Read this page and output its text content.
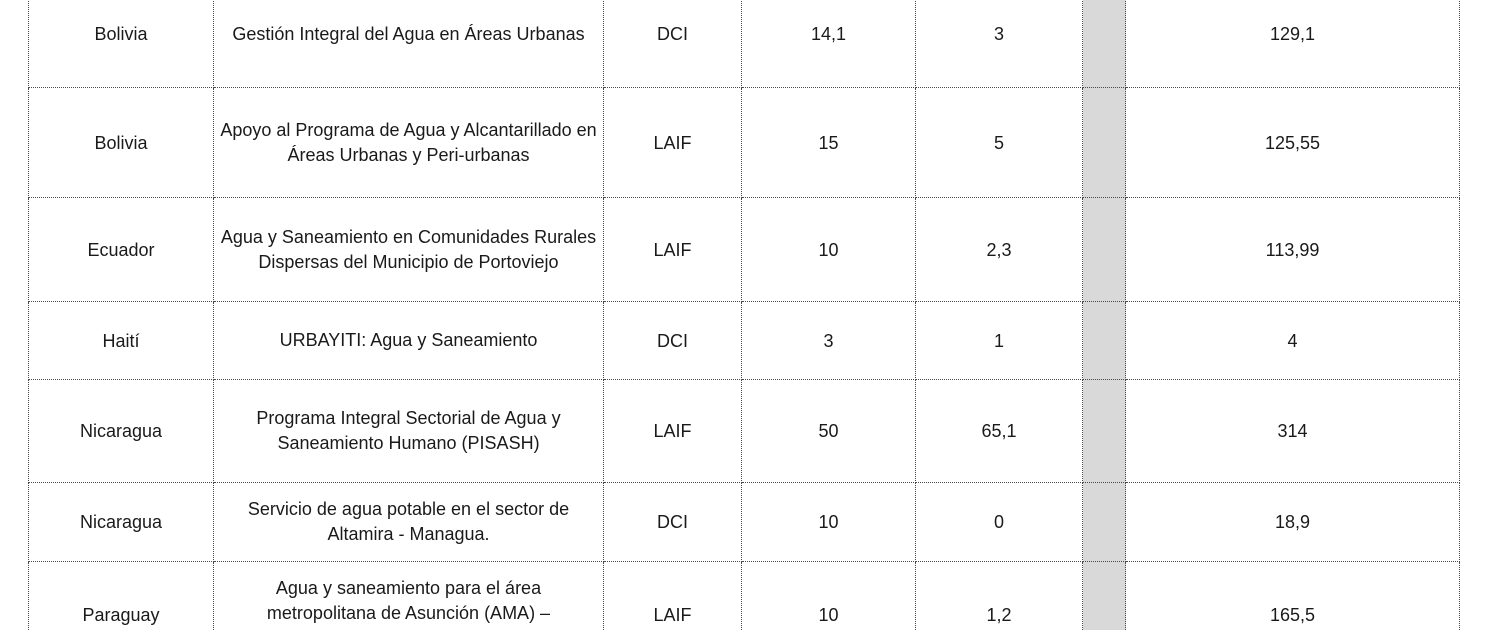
Bolivia	Gestión Integral del Agua en Áreas Urbanas	DCI	14,1	3		129,1
Bolivia	Apoyo al Programa de Agua y Alcantarillado en Áreas Urbanas y Peri-urbanas	LAIF	15	5		125,55
Ecuador	Agua y Saneamiento en Comunidades Rurales Dispersas del Municipio de Portoviejo	LAIF	10	2,3		113,99
Haití	URBAYITI: Agua y Saneamiento	DCI	3	1		4
Nicaragua	Programa Integral Sectorial de Agua y Saneamiento Humano (PISASH)	LAIF	50	65,1		314
Nicaragua	Servicio de agua potable en el sector de Altamira - Managua.	DCI	10	0		18,9
Paraguay	Agua y saneamiento para el área metropolitana de Asunción (AMA) –	LAIF	10	1,2		165,5
